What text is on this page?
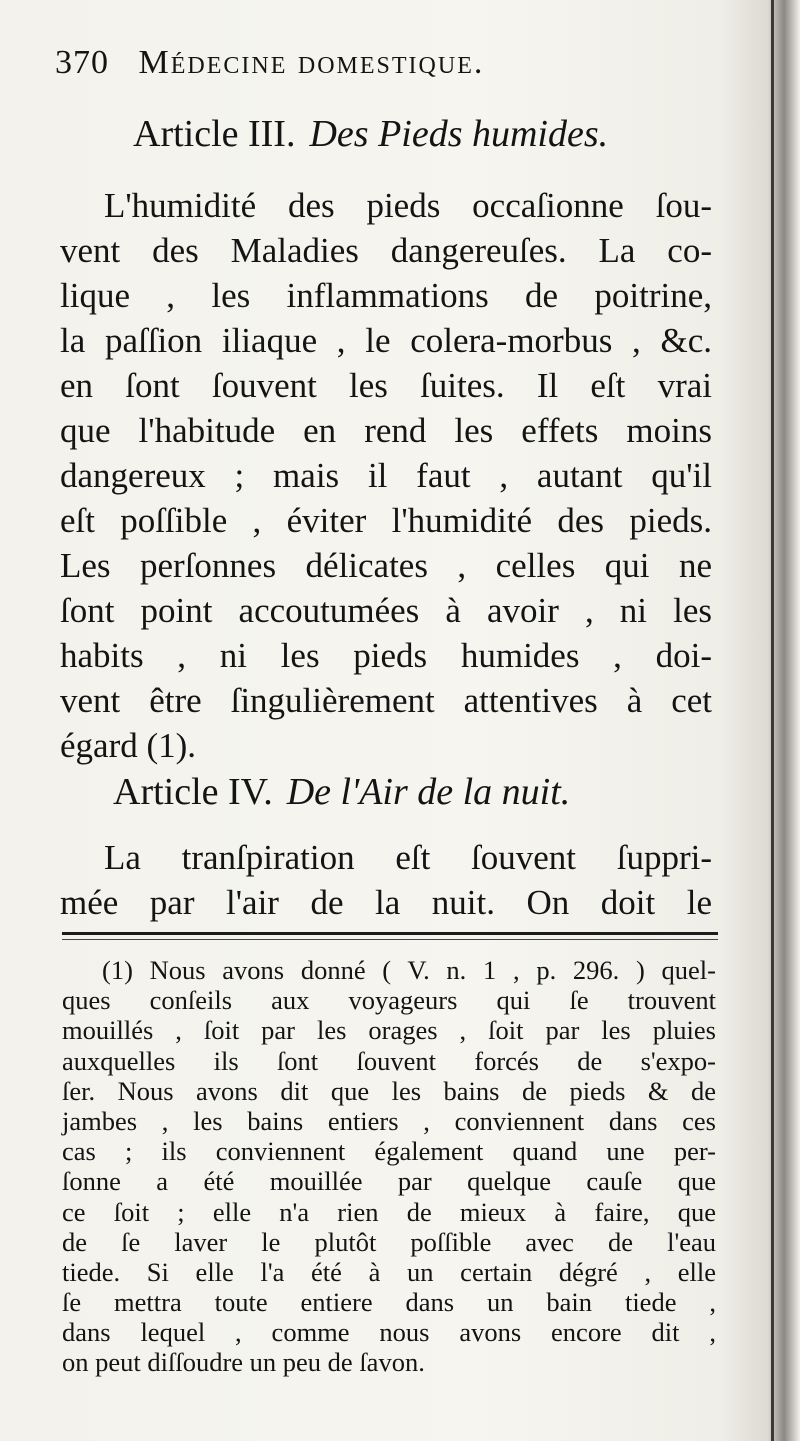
370 Médecine domestique.
Article III. Des Pieds humides.
L'humidité des pieds occaſionne ſou-
vent des Maladies dangereuſes. La co-
lique , les inflammations de poitrine,
la paſſion iliaque , le colera-morbus , &c.
en ſont ſouvent les ſuites. Il eſt vrai
que l'habitude en rend les effets moins
dangereux ; mais il faut , autant qu'il
eſt poſſible , éviter l'humidité des pieds.
Les perſonnes délicates , celles qui ne
ſont point accoutumées à avoir , ni les
habits , ni les pieds humides , doi-
vent être ſingulièrement attentives à cet
égard (1).
Article IV. De l'Air de la nuit.
La tranſpiration eſt ſouvent ſuppri-
mée par l'air de la nuit. On doit le
(1) Nous avons donné ( V. n. 1 , p. 296. ) quel-
ques conſeils aux voyageurs qui ſe trouvent
mouillés , ſoit par les orages , ſoit par les pluies
auxquelles ils ſont ſouvent forcés de s'expo-
ſer. Nous avons dit que les bains de pieds & de
jambes , les bains entiers , conviennent dans ces
cas ; ils conviennent également quand une per-
ſonne a été mouillée par quelque cauſe que
ce ſoit ; elle n'a rien de mieux à faire, que
de ſe laver le plutôt poſſible avec de l'eau
tiede. Si elle l'a été à un certain dégré , elle
ſe mettra toute entiere dans un bain tiede ,
dans lequel , comme nous avons encore dit ,
on peut diſſoudre un peu de ſavon.
